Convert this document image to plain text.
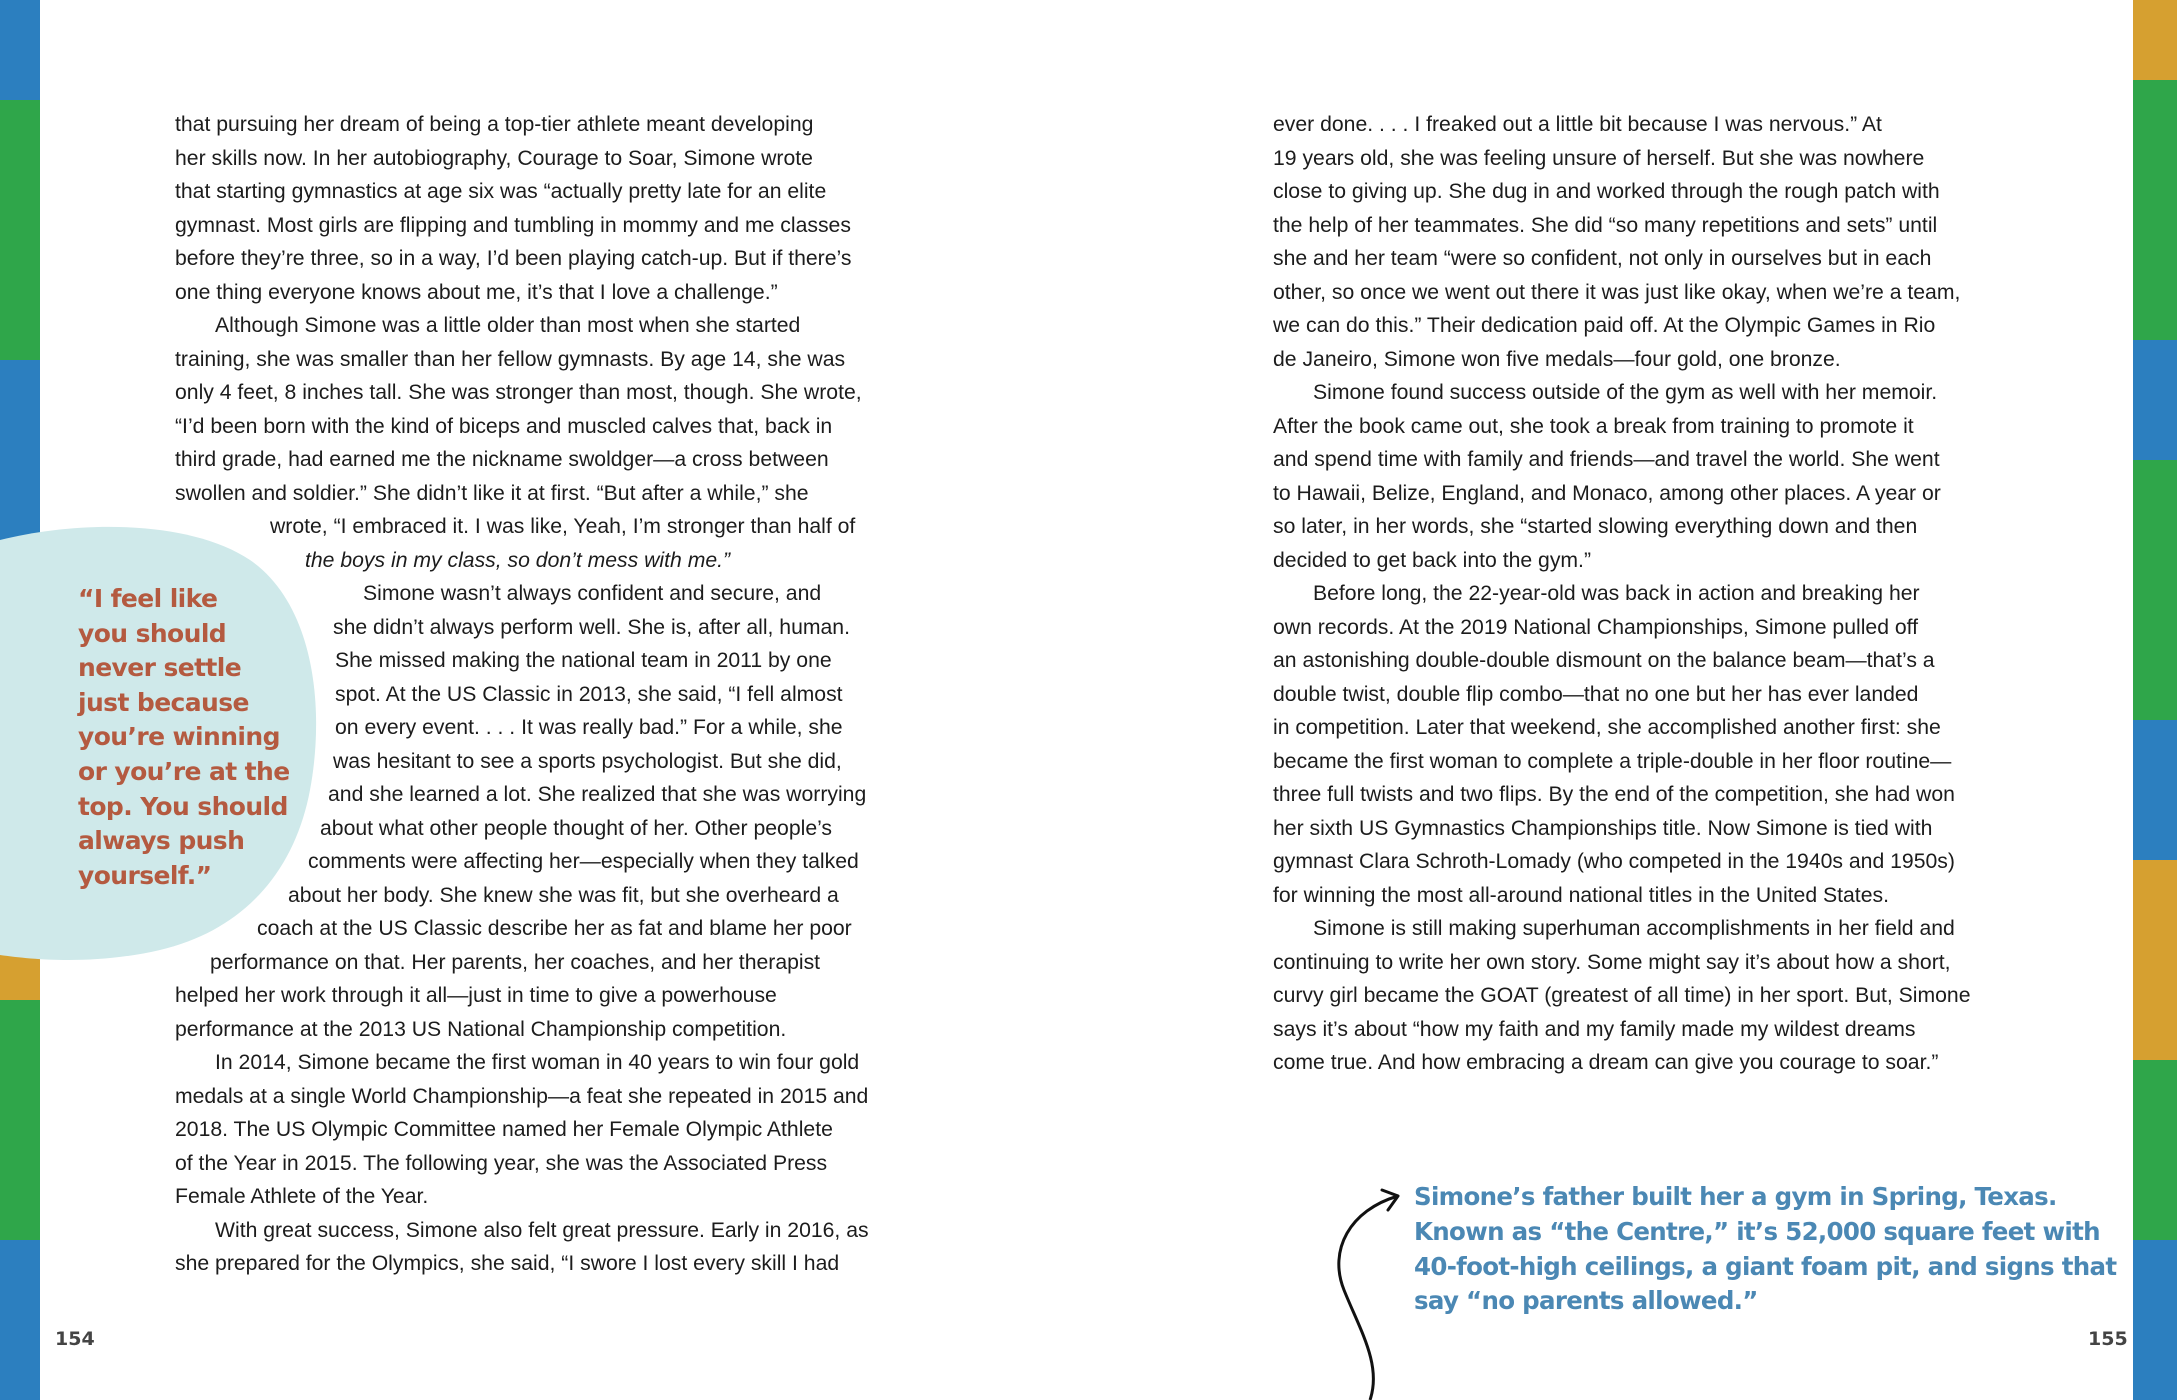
“I feel like
you should
never settle
just because
you’re winning
or you’re at the
top. You should
always push
yourself.”
that pursuing her dream of being a top-tier athlete meant developing
her skills now. In her autobiography, Courage to Soar, Simone wrote
that starting gymnastics at age six was “actually pretty late for an elite
gymnast. Most girls are flipping and tumbling in mommy and me classes
before they’re three, so in a way, I’d been playing catch-up. But if there’s
one thing everyone knows about me, it’s that I love a challenge.”
Although Simone was a little older than most when she started
training, she was smaller than her fellow gymnasts. By age 14, she was
only 4 feet, 8 inches tall. She was stronger than most, though. She wrote,
“I’d been born with the kind of biceps and muscled calves that, back in
third grade, had earned me the nickname swoldger—a cross between
swollen and soldier.” She didn’t like it at first. “But after a while,” she
wrote, “I embraced it. I was like, Yeah, I’m stronger than half of
the boys in my class, so don’t mess with me.”
Simone wasn’t always confident and secure, and
she didn’t always perform well. She is, after all, human.
She missed making the national team in 2011 by one
spot. At the US Classic in 2013, she said, “I fell almost
on every event. . . . It was really bad.” For a while, she
was hesitant to see a sports psychologist. But she did,
and she learned a lot. She realized that she was worrying
about what other people thought of her. Other people’s
comments were affecting her—especially when they talked
about her body. She knew she was fit, but she overheard a
coach at the US Classic describe her as fat and blame her poor
performance on that. Her parents, her coaches, and her therapist
helped her work through it all—just in time to give a powerhouse
performance at the 2013 US National Championship competition.
In 2014, Simone became the first woman in 40 years to win four gold
medals at a single World Championship—a feat she repeated in 2015 and
2018. The US Olympic Committee named her Female Olympic Athlete
of the Year in 2015. The following year, she was the Associated Press
Female Athlete of the Year.
With great success, Simone also felt great pressure. Early in 2016, as
she prepared for the Olympics, she said, “I swore I lost every skill I had
ever done. . . . I freaked out a little bit because I was nervous.” At
19 years old, she was feeling unsure of herself. But she was nowhere
close to giving up. She dug in and worked through the rough patch with
the help of her teammates. She did “so many repetitions and sets” until
she and her team “were so confident, not only in ourselves but in each
other, so once we went out there it was just like okay, when we’re a team,
we can do this.” Their dedication paid off. At the Olympic Games in Rio
de Janeiro, Simone won five medals—four gold, one bronze.
Simone found success outside of the gym as well with her memoir.
After the book came out, she took a break from training to promote it
and spend time with family and friends—and travel the world. She went
to Hawaii, Belize, England, and Monaco, among other places. A year or
so later, in her words, she “started slowing everything down and then
decided to get back into the gym.”
Before long, the 22-year-old was back in action and breaking her
own records. At the 2019 National Championships, Simone pulled off
an astonishing double-double dismount on the balance beam—that’s a
double twist, double flip combo—that no one but her has ever landed
in competition. Later that weekend, she accomplished another first: she
became the first woman to complete a triple-double in her floor routine—
three full twists and two flips. By the end of the competition, she had won
her sixth US Gymnastics Championships title. Now Simone is tied with
gymnast Clara Schroth-Lomady (who competed in the 1940s and 1950s)
for winning the most all-around national titles in the United States.
Simone is still making superhuman accomplishments in her field and
continuing to write her own story. Some might say it’s about how a short,
curvy girl became the GOAT (greatest of all time) in her sport. But, Simone
says it’s about “how my faith and my family made my wildest dreams
come true. And how embracing a dream can give you courage to soar.”
Simone’s father built her a gym in Spring, Texas.
Known as “the Centre,” it’s 52,000 square feet with
40-foot-high ceilings, a giant foam pit, and signs that
say “no parents allowed.”
154	155
